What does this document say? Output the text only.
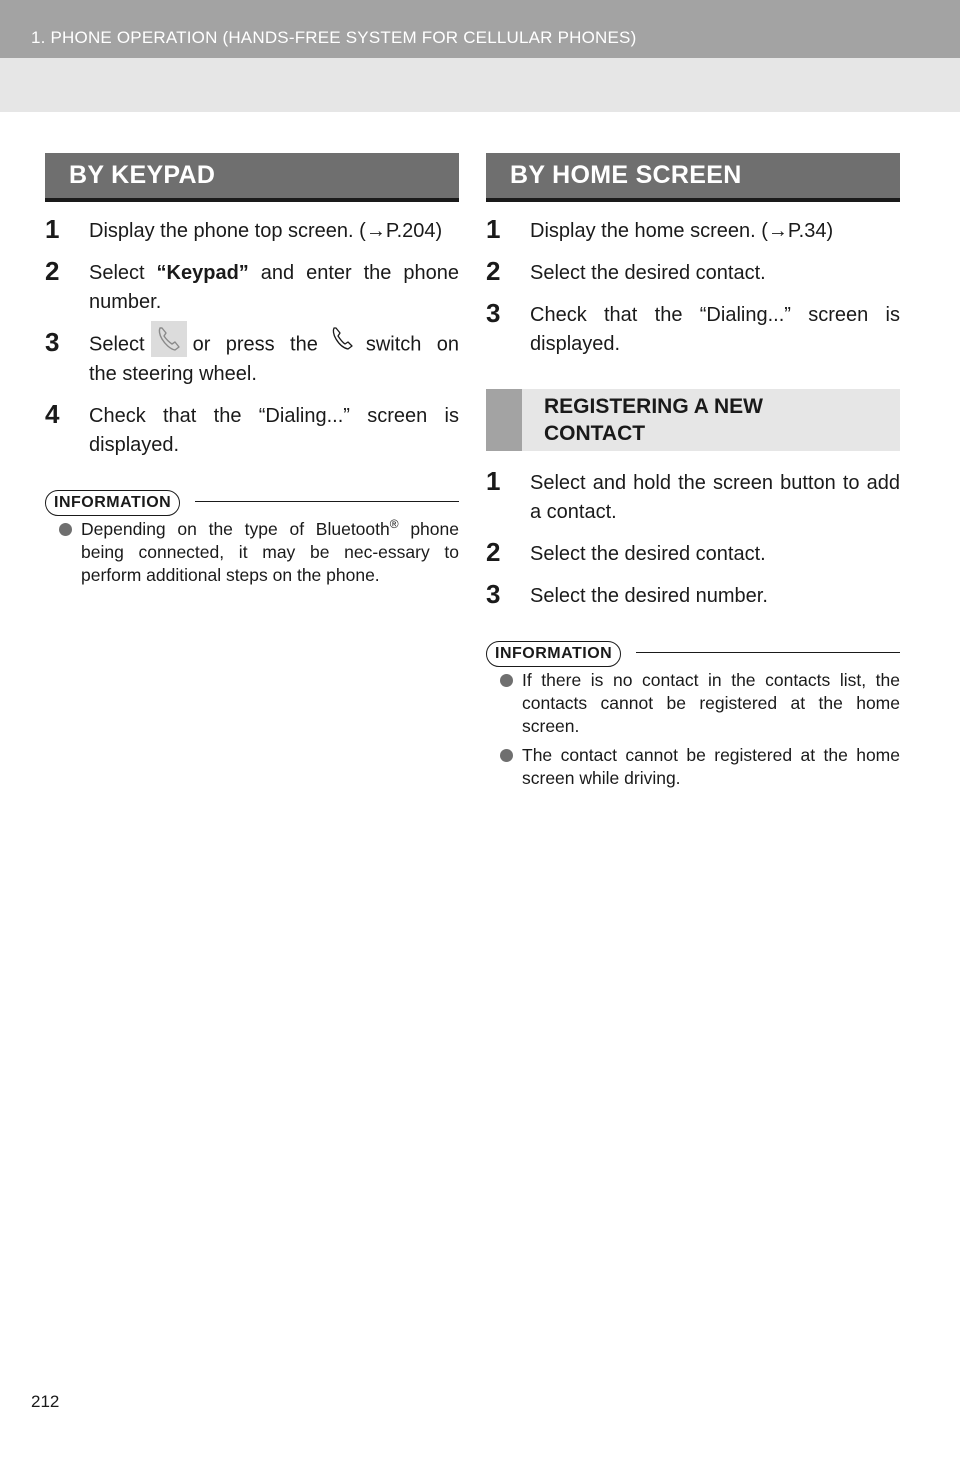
1. PHONE OPERATION (HANDS-FREE SYSTEM FOR CELLULAR PHONES)
BY KEYPAD
1 Display the phone top screen. (→P.204)
2 Select “Keypad” and enter the phone number.
3 Select or press the switch on the steering wheel.
4 Check that the “Dialing...” screen is displayed.
INFORMATION
Depending on the type of Bluetooth® phone being connected, it may be nec-essary to perform additional steps on the phone.
BY HOME SCREEN
1 Display the home screen. (→P.34)
2 Select the desired contact.
3 Check that the “Dialing...” screen is displayed.
REGISTERING A NEW
CONTACT
1 Select and hold the screen button to add a contact.
2 Select the desired contact.
3 Select the desired number.
INFORMATION
If there is no contact in the contacts list, the contacts cannot be registered at the home screen.
The contact cannot be registered at the home screen while driving.
212
